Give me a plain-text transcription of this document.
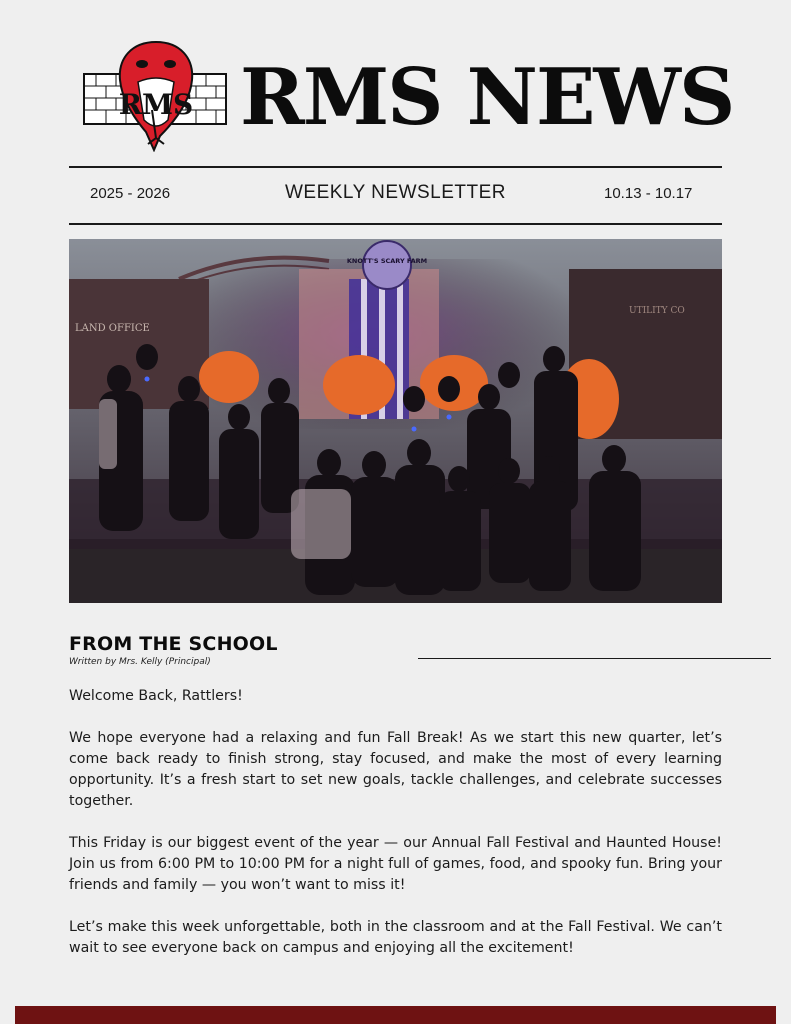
RMS RMS NEWS
2025 - 2026	WEEKLY NEWSLETTER	10.13 - 10.17
LAND OFFICE
UTILITY CO
KNOTT'S SCARY FARM
FROM THE SCHOOL
Written by Mrs. Kelly (Principal)

Welcome Back, Rattlers!

We hope everyone had a relaxing and fun Fall Break! As we start this new quarter, let’s come back ready to finish strong, stay focused, and make the most of every learning opportunity. It’s a fresh start to set new goals, tackle challenges, and celebrate successes together.

This Friday is our biggest event of the year — our Annual Fall Festival and Haunted House! Join us from 6:00 PM to 10:00 PM for a night full of games, food, and spooky fun. Bring your friends and family — you won’t want to miss it!

Let’s make this week unforgettable, both in the classroom and at the Fall Festival. We can’t wait to see everyone back on campus and enjoying all the excitement!
